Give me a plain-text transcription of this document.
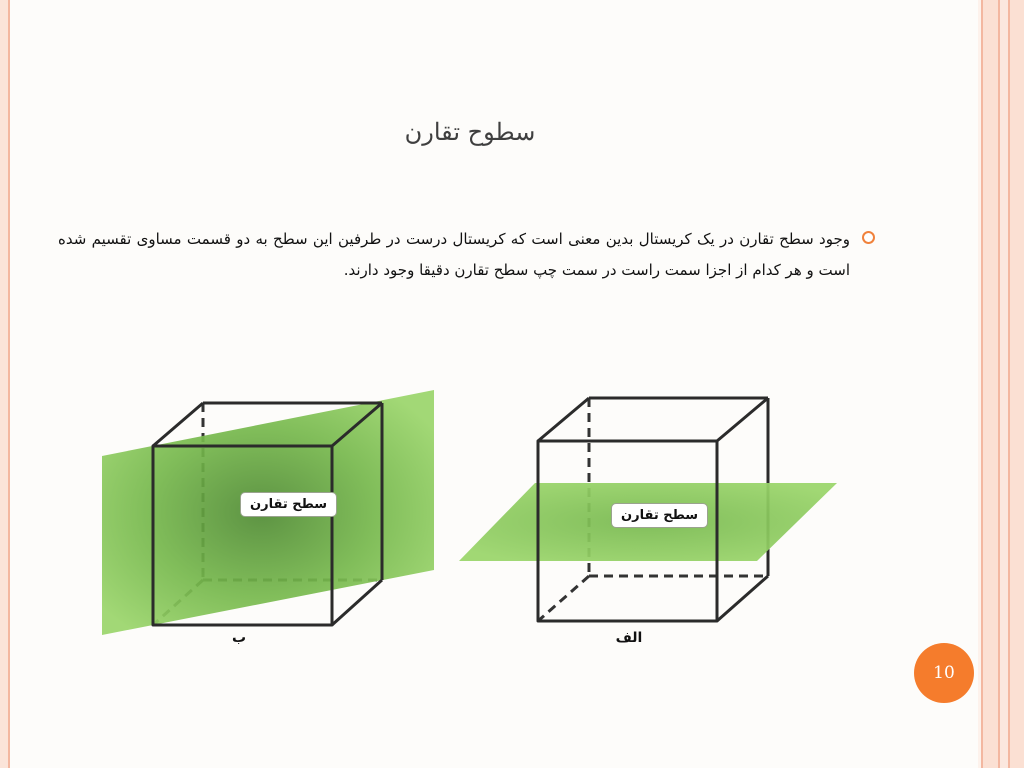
سطوح تقارن
وجود سطح تقارن در یک کریستال بدین معنی است که کریستال درست در طرفین این سطح به دو قسمت مساوی تقسیم شده است و هر کدام از اجزا سمت راست در سمت چپ سطح تقارن دقیقا وجود دارند.
سطح تقارن
سطح تقارن
ب	الف
10
